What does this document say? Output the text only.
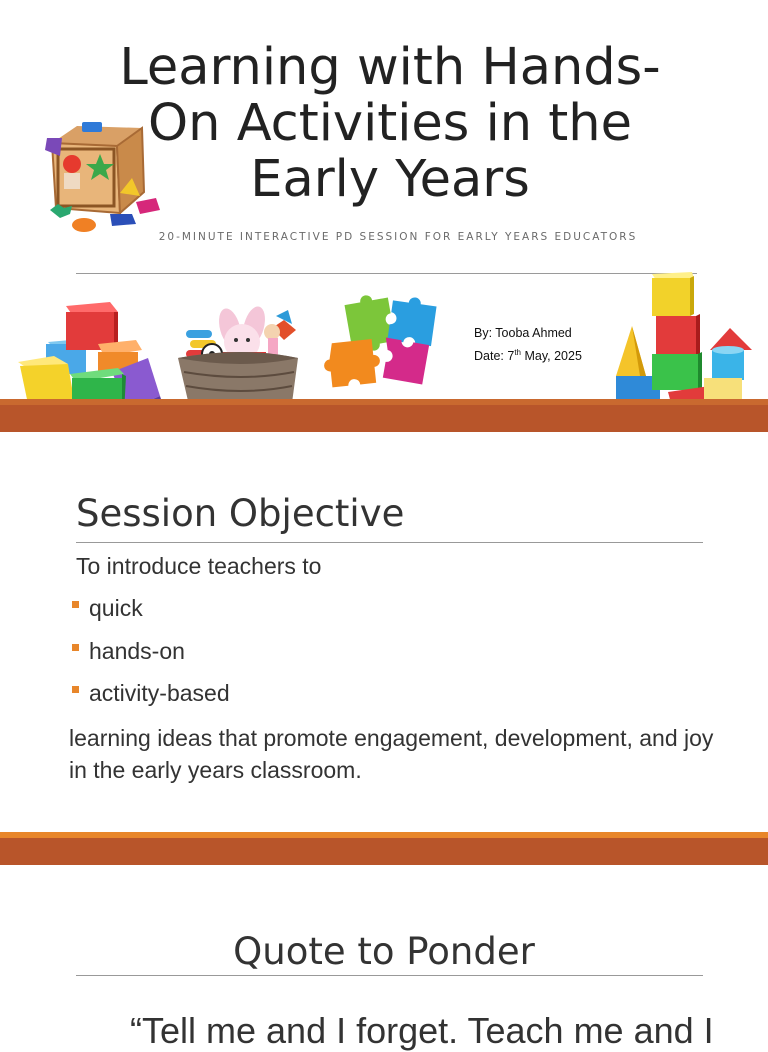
Learning with Hands-On Activities in the Early Years
20-MINUTE INTERACTIVE PD SESSION FOR EARLY YEARS EDUCATORS
By: Tooba Ahmed
Date: 7th May, 2025
Session Objective
To introduce teachers to
quick
hands-on
activity-based
learning ideas that promote engagement, development, and joy in the early years classroom.
Quote to Ponder
“Tell me and I forget. Teach me and I
